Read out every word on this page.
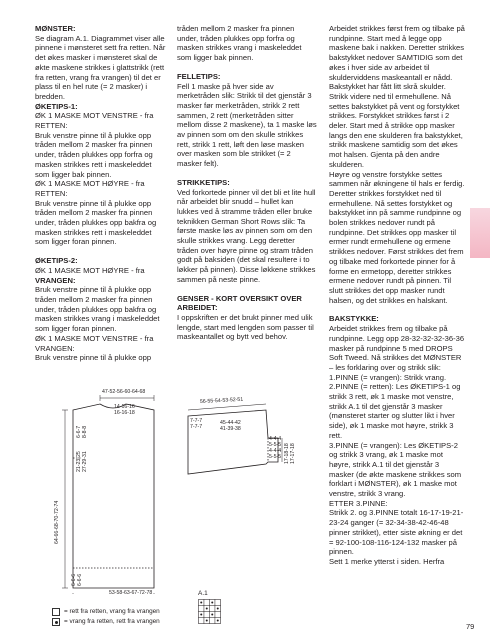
MØNSTER:

Se diagram A.1. Diagrammet viser alle pinnene i mønsteret sett fra retten. Når det økes masker i mønsteret skal de økte maskene strikkes i glattstrikk (rett fra retten, vrang fra vrangen) til det er plass til en hel rute (= 2 masker) i bredden.

ØKETIPS-1:

ØK 1 MASKE MOT VENSTRE - fra RETTEN:

Bruk venstre pinne til å plukke opp tråden mellom 2 masker fra pinnen under, tråden plukkes opp forfra og masken strikkes rett i maskeleddet som ligger bak pinnen.

ØK 1 MASKE MOT HØYRE - fra RETTEN:

Bruk venstre pinne til å plukke opp tråden mellom 2 masker fra pinnen under, tråden plukkes opp bakfra og masken strikkes rett i maskeleddet som ligger foran pinnen.

ØKETIPS-2:

ØK 1 MASKE MOT HØYRE - fra

VRANGEN:

Bruk venstre pinne til å plukke opp tråden mellom 2 masker fra pinnen under, tråden plukkes opp bakfra og masken strikkes vrang i maskeleddet som ligger foran pinnen.

ØK 1 MASKE MOT VENSTRE - fra VRANGEN:

Bruk venstre pinne til å plukke opp

tråden mellom 2 masker fra pinnen under, tråden plukkes opp forfra og masken strikkes vrang i maskeleddet som ligger bak pinnen.

FELLETIPS:

Fell 1 maske på hver side av merketråden slik: Strikk til det gjenstår 3 masker før merketråden, strikk 2 rett sammen, 2 rett (merketråden sitter mellom disse 2 maskene), ta 1 maske løs av pinnen som om den skulle strikkes rett, strikk 1 rett, løft den løse masken over masken som ble strikket (= 2 masker felt).

STRIKKETIPS:

Ved forkortede pinner vil det bli et lite hull når arbeidet blir snudd – hullet kan lukkes ved å stramme tråden eller bruke teknikken German Short Rows slik: Ta første maske løs av pinnen som om den skulle strikkes vrang. Legg deretter tråden over høyre pinne og stram tråden godt på baksiden (det skal resultere i to løkker på pinnen). Disse løkkene strikkes sammen på neste pinne.

GENSER - KORT OVERSIKT OVER ARBEIDET:

I oppskriften er det brukt pinner med ulik lengde, start med lengden som passer til maskeantallet og bytt ved behov.

Arbeidet strikkes først frem og tilbake på rundpinne. Start med å legge opp maskene bak i nakken. Deretter strikkes bakstykket nedover SAMTIDIG som det økes i hver side av arbeidet til skulderviddens maskeantall er nådd. Bakstykket har fått litt skrå skulder. Strikk videre ned til ermehullene. Nå settes bakstykket på vent og forstykket strikkes. Forstykket strikkes først i 2 deler. Start med å strikke opp masker langs den ene skulderen fra bakstykket, strikk maskene samtidig som det økes mot halsen. Gjenta på den andre skulderen.

Høyre og venstre forstykke settes sammen når økningene til hals er ferdig. Deretter strikkes forstykket ned til ermehullene. Nå settes forstykket og bakstykket inn på samme rundpinne og bolen strikkes nedover rundt på rundpinne. Det strikkes opp masker til ermer rundt ermehullene og ermene strikkes nedover. Først strikkes det frem og tilbake med forkortede pinner for å forme en ermetopp, deretter strikkes ermene nedover rundt på pinnen. Til slutt strikkes det opp masker rundt halsen, og det strikkes en halskant.

BAKSTYKKE:

Arbeidet strikkes frem og tilbake på rundpinne. Legg opp 28-32-32-32-36-36 masker på rundpinne 5 med DROPS Soft Tweed. Nå strikkes det MØNSTER – les forklaring over og strikk slik:

1.PINNE (= vrangen): Strikk vrang.

2.PINNE (= retten): Les ØKETIPS-1 og strikk 3 rett, øk 1 maske mot venstre, strikk A.1 til det gjenstår 3 masker (mønsteret starter og slutter likt i hver side), øk 1 maske mot høyre, strikk 3 rett.

3.PINNE (= vrangen): Les ØKETIPS-2 og strikk 3 vrang, øk 1 maske mot høyre, strikk A.1 til det gjenstår 3 masker (de økte maskene strikkes som forklart i MØNSTER), øk 1 maske mot venstre, strikk 3 vrang.

ETTER 3.PINNE:

Strikk 2. og 3.PINNE totalt 16-17-19-21-23-24 ganger (= 32-34-38-42-46-48 pinner strikket), etter siste økning er det = 92-100-108-116-124-132 masker på pinnen.

Sett 1 merke ytterst i siden. Herfra

47-52-56-60-64-68
14-16-16
16-16-18
53-58-63-67-72-78
64-66-68-70-72-74
21-23-25 27-29-31
6-6-7 8-8-8
6-6-6 6-6-6
56-55-54-53-52-51
7-7-7
7-7-7
45-44-42
41-39-38
4-4-4
5-5-5
4-4-4
5-5-5 17-18-18 17-17-18
= rett fra retten, vrang fra vrangen
= vrang fra retten, rett fra vrangen
A.1
79
